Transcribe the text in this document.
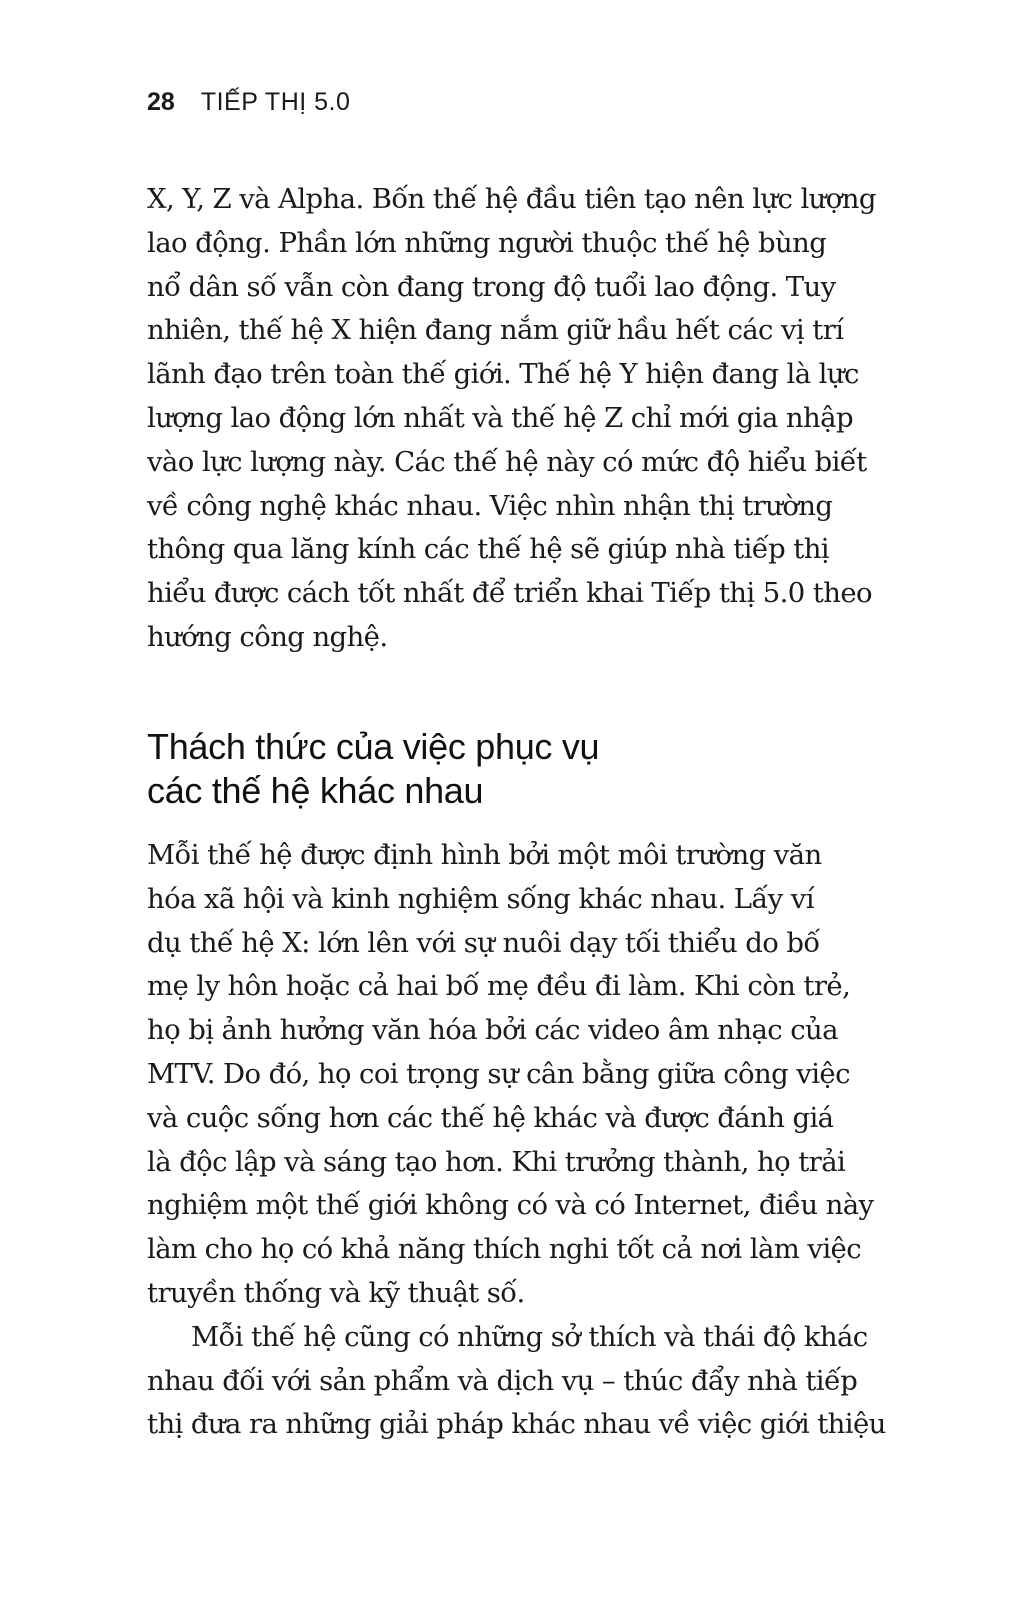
28 TIẾP THỊ 5.0
X, Y, Z và Alpha. Bốn thế hệ đầu tiên tạo nên lực lượng
lao động. Phần lớn những người thuộc thế hệ bùng
nổ dân số vẫn còn đang trong độ tuổi lao động. Tuy
nhiên, thế hệ X hiện đang nắm giữ hầu hết các vị trí
lãnh đạo trên toàn thế giới. Thế hệ Y hiện đang là lực
lượng lao động lớn nhất và thế hệ Z chỉ mới gia nhập
vào lực lượng này. Các thế hệ này có mức độ hiểu biết
về công nghệ khác nhau. Việc nhìn nhận thị trường
thông qua lăng kính các thế hệ sẽ giúp nhà tiếp thị
hiểu được cách tốt nhất để triển khai Tiếp thị 5.0 theo
hướng công nghệ.
Thách thức của việc phục vụ
các thế hệ khác nhau
Mỗi thế hệ được định hình bởi một môi trường văn
hóa xã hội và kinh nghiệm sống khác nhau. Lấy ví
dụ thế hệ X: lớn lên với sự nuôi dạy tối thiểu do bố
mẹ ly hôn hoặc cả hai bố mẹ đều đi làm. Khi còn trẻ,
họ bị ảnh hưởng văn hóa bởi các video âm nhạc của
MTV. Do đó, họ coi trọng sự cân bằng giữa công việc
và cuộc sống hơn các thế hệ khác và được đánh giá
là độc lập và sáng tạo hơn. Khi trưởng thành, họ trải
nghiệm một thế giới không có và có Internet, điều này
làm cho họ có khả năng thích nghi tốt cả nơi làm việc
truyền thống và kỹ thuật số.
Mỗi thế hệ cũng có những sở thích và thái độ khác
nhau đối với sản phẩm và dịch vụ – thúc đẩy nhà tiếp
thị đưa ra những giải pháp khác nhau về việc giới thiệu
